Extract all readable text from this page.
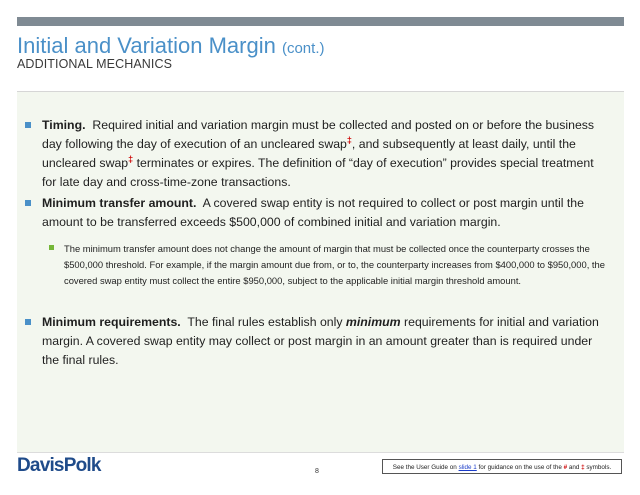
Initial and Variation Margin (cont.)

ADDITIONAL MECHANICS

Timing. Required initial and variation margin must be collected and posted on or before the business day following the day of execution of an uncleared swap‡, and subsequently at least daily, until the uncleared swap‡ terminates or expires. The definition of “day of execution” provides special treatment for late day and cross-time-zone transactions.
Minimum transfer amount. A covered swap entity is not required to collect or post margin until the amount to be transferred exceeds $500,000 of combined initial and variation margin.
The minimum transfer amount does not change the amount of margin that must be collected once the counterparty crosses the $500,000 threshold. For example, if the margin amount due from, or to, the counterparty increases from $400,000 to $950,000, the covered swap entity must collect the entire $950,000, subject to the applicable initial margin threshold amount.
Minimum requirements. The final rules establish only minimum requirements for initial and variation margin. A covered swap entity may collect or post margin in an amount greater than is required under the final rules.
DavisPolk	8
See the User Guide on slide 1 for guidance on the use of the # and ‡ symbols.
